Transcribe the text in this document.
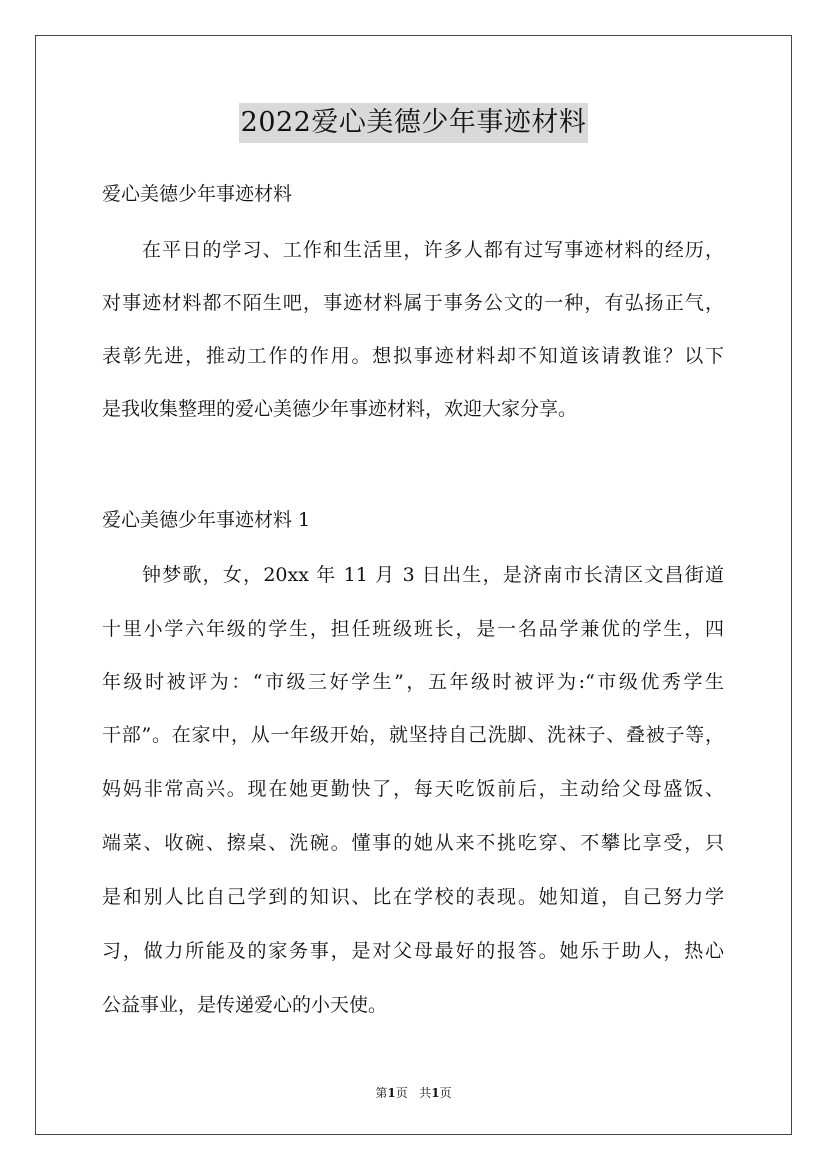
2022爱心美德少年事迹材料
爱心美德少年事迹材料
在平日的学习、工作和生活里，许多人都有过写事迹材料的经历，
对事迹材料都不陌生吧，事迹材料属于事务公文的一种，有弘扬正气，
表彰先进，推动工作的作用。想拟事迹材料却不知道该请教谁？以下
是我收集整理的爱心美德少年事迹材料，欢迎大家分享。
爱心美德少年事迹材料 1
钟梦歌，女，20xx 年 11 月 3 日出生，是济南市长清区文昌街道
十里小学六年级的学生，担任班级班长，是一名品学兼优的学生，四
年级时被评为：“市级三好学生”，五年级时被评为:“市级优秀学生
干部”。在家中，从一年级开始，就坚持自己洗脚、洗袜子、叠被子等，
妈妈非常高兴。现在她更勤快了，每天吃饭前后，主动给父母盛饭、
端菜、收碗、擦桌、洗碗。懂事的她从来不挑吃穿、不攀比享受，只
是和别人比自己学到的知识、比在学校的表现。她知道，自己努力学
习，做力所能及的家务事，是对父母最好的报答。她乐于助人，热心
公益事业，是传递爱心的小天使。
第1页 共1页
